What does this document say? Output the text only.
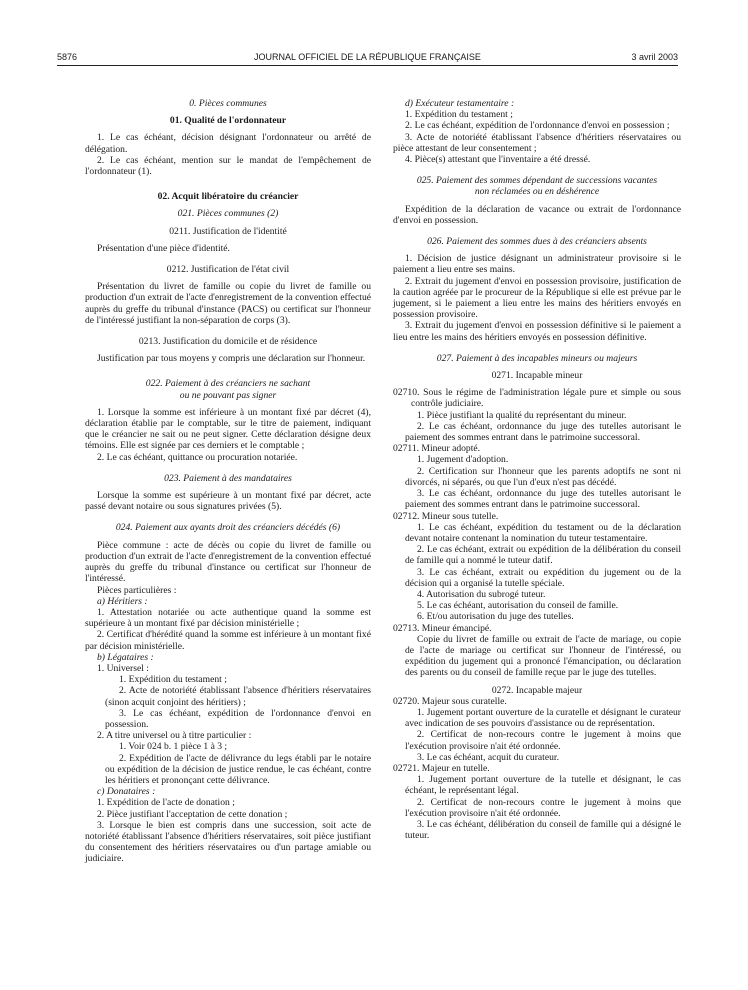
5876	JOURNAL OFFICIEL DE LA RÉPUBLIQUE FRANÇAISE	3 avril 2003

0. Pièces communes

01. Qualité de l'ordonnateur

1. Le cas échéant, décision désignant l'ordonnateur ou arrêté de délégation.

2. Le cas échéant, mention sur le mandat de l'empêchement de l'ordonnateur (1).

02. Acquit libératoire du créancier

021. Pièces communes (2)

0211. Justification de l'identité

Présentation d'une pièce d'identité.

0212. Justification de l'état civil

Présentation du livret de famille ou copie du livret de famille ou production d'un extrait de l'acte d'enregistrement de la convention effectué auprès du greffe du tribunal d'instance (PACS) ou certificat sur l'honneur de l'intéressé justifiant la non-séparation de corps (3).

0213. Justification du domicile et de résidence

Justification par tous moyens y compris une déclaration sur l'honneur.

022. Paiement à des créanciers ne sachant

ou ne pouvant pas signer

1. Lorsque la somme est inférieure à un montant fixé par décret (4), déclaration établie par le comptable, sur le titre de paiement, indiquant que le créancier ne sait ou ne peut signer. Cette déclaration désigne deux témoins. Elle est signée par ces derniers et le comptable ;

2. Le cas échéant, quittance ou procuration notariée.

023. Paiement à des mandataires

Lorsque la somme est supérieure à un montant fixé par décret, acte passé devant notaire ou sous signatures privées (5).

024. Paiement aux ayants droit des créanciers décédés (6)

Pièce commune : acte de décès ou copie du livret de famille ou production d'un extrait de l'acte d'enregistrement de la convention effectué auprès du greffe du tribunal d'instance ou certificat sur l'honneur de l'intéressé.

Pièces particulières :

a) Héritiers :

1. Attestation notariée ou acte authentique quand la somme est supérieure à un montant fixé par décision ministérielle ;

2. Certificat d'hérédité quand la somme est inférieure à un montant fixé par décision ministérielle.

b) Légataires :

1. Universel :

1. Expédition du testament ;

2. Acte de notoriété établissant l'absence d'héritiers réservataires (sinon acquit conjoint des héritiers) ;

3. Le cas échéant, expédition de l'ordonnance d'envoi en possession.

2. A titre universel ou à titre particulier :

1. Voir 024 b. 1 pièce 1 à 3 ;

2. Expédition de l'acte de délivrance du legs établi par le notaire ou expédition de la décision de justice rendue, le cas échéant, contre les héritiers et prononçant cette délivrance.

c) Donataires :

1. Expédition de l'acte de donation ;

2. Pièce justifiant l'acceptation de cette donation ;

3. Lorsque le bien est compris dans une succession, soit acte de notoriété établissant l'absence d'héritiers réservataires, soit pièce justifiant du consentement des héritiers réservataires ou d'un partage amiable ou judiciaire.

d) Exécuteur testamentaire :

1. Expédition du testament ;

2. Le cas échéant, expédition de l'ordonnance d'envoi en possession ;

3. Acte de notoriété établissant l'absence d'héritiers réservataires ou pièce attestant de leur consentement ;

4. Pièce(s) attestant que l'inventaire a été dressé.

025. Paiement des sommes dépendant de successions vacantes

non réclamées ou en déshérence

Expédition de la déclaration de vacance ou extrait de l'ordonnance d'envoi en possession.

026. Paiement des sommes dues à des créanciers absents

1. Décision de justice désignant un administrateur provisoire si le paiement a lieu entre ses mains.

2. Extrait du jugement d'envoi en possession provisoire, justification de la caution agréée par le procureur de la République si elle est prévue par le jugement, si le paiement a lieu entre les mains des héritiers envoyés en possession provisoire.

3. Extrait du jugement d'envoi en possession définitive si le paiement a lieu entre les mains des héritiers envoyés en possession définitive.

027. Paiement à des incapables mineurs ou majeurs

0271. Incapable mineur

02710. Sous le régime de l'administration légale pure et simple ou sous contrôle judiciaire.

1. Pièce justifiant la qualité du représentant du mineur.

2. Le cas échéant, ordonnance du juge des tutelles autorisant le paiement des sommes entrant dans le patrimoine successoral.

02711. Mineur adopté.

1. Jugement d'adoption.

2. Certification sur l'honneur que les parents adoptifs ne sont ni divorcés, ni séparés, ou que l'un d'eux n'est pas décédé.

3. Le cas échéant, ordonnance du juge des tutelles autorisant le paiement des sommes entrant dans le patrimoine successoral.

02712. Mineur sous tutelle.

1. Le cas échéant, expédition du testament ou de la déclaration devant notaire contenant la nomination du tuteur testamentaire.

2. Le cas échéant, extrait ou expédition de la délibération du conseil de famille qui a nommé le tuteur datif.

3. Le cas échéant, extrait ou expédition du jugement ou de la décision qui a organisé la tutelle spéciale.

4. Autorisation du subrogé tuteur.

5. Le cas échéant, autorisation du conseil de famille.

6. Et/ou autorisation du juge des tutelles.

02713. Mineur émancipé.

Copie du livret de famille ou extrait de l'acte de mariage, ou copie de l'acte de mariage ou certificat sur l'honneur de l'intéressé, ou expédition du jugement qui a prononcé l'émancipation, ou déclaration des parents ou du conseil de famille reçue par le juge des tutelles.

0272. Incapable majeur

02720. Majeur sous curatelle.

1. Jugement portant ouverture de la curatelle et désignant le curateur avec indication de ses pouvoirs d'assistance ou de représentation.

2. Certificat de non-recours contre le jugement à moins que l'exécution provisoire n'ait été ordonnée.

3. Le cas échéant, acquit du curateur.

02721. Majeur en tutelle.

1. Jugement portant ouverture de la tutelle et désignant, le cas échéant, le représentant légal.

2. Certificat de non-recours contre le jugement à moins que l'exécution provisoire n'ait été ordonnée.

3. Le cas échéant, délibération du conseil de famille qui a désigné le tuteur.
